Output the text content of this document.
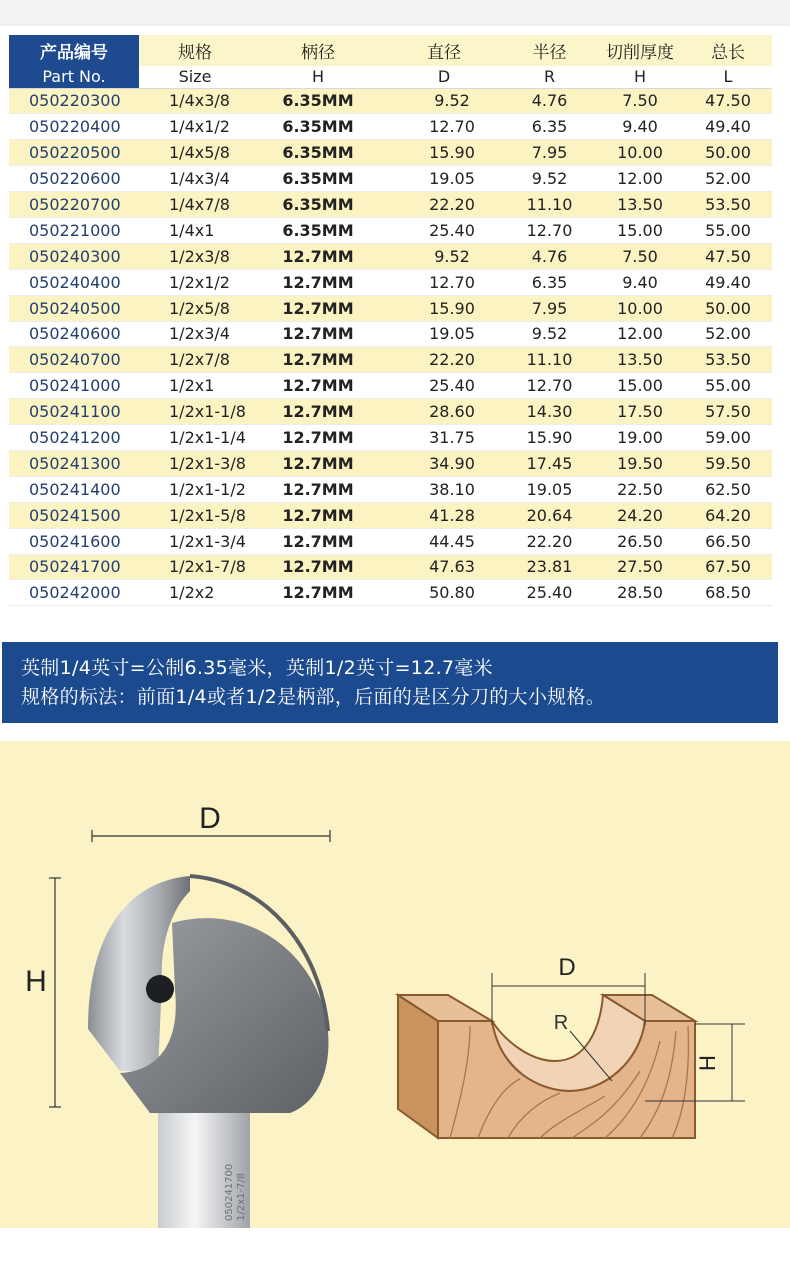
产品编号	规格	柄径	直径	半径	切削厚度	总长
Part No.	Size	H	D	R	H	L
050220300	1/4x3/8	6.35MM	9.52	4.76	7.50	47.50
050220400	1/4x1/2	6.35MM	12.70	6.35	9.40	49.40
050220500	1/4x5/8	6.35MM	15.90	7.95	10.00	50.00
050220600	1/4x3/4	6.35MM	19.05	9.52	12.00	52.00
050220700	1/4x7/8	6.35MM	22.20	11.10	13.50	53.50
050221000	1/4x1	6.35MM	25.40	12.70	15.00	55.00
050240300	1/2x3/8	12.7MM	9.52	4.76	7.50	47.50
050240400	1/2x1/2	12.7MM	12.70	6.35	9.40	49.40
050240500	1/2x5/8	12.7MM	15.90	7.95	10.00	50.00
050240600	1/2x3/4	12.7MM	19.05	9.52	12.00	52.00
050240700	1/2x7/8	12.7MM	22.20	11.10	13.50	53.50
050241000	1/2x1	12.7MM	25.40	12.70	15.00	55.00
050241100	1/2x1-1/8	12.7MM	28.60	14.30	17.50	57.50
050241200	1/2x1-1/4	12.7MM	31.75	15.90	19.00	59.00
050241300	1/2x1-3/8	12.7MM	34.90	17.45	19.50	59.50
050241400	1/2x1-1/2	12.7MM	38.10	19.05	22.50	62.50
050241500	1/2x1-5/8	12.7MM	41.28	20.64	24.20	64.20
050241600	1/2x1-3/4	12.7MM	44.45	22.20	26.50	66.50
050241700	1/2x1-7/8	12.7MM	47.63	23.81	27.50	67.50
050242000	1/2x2	12.7MM	50.80	25.40	28.50	68.50
英制1/4英寸=公制6.35毫米，英制1/2英寸=12.7毫米
规格的标法：前面1/4或者1/2是柄部，后面的是区分刀的大小规格。
D
H
050241700 1/2x1-7/8
D
R
H
